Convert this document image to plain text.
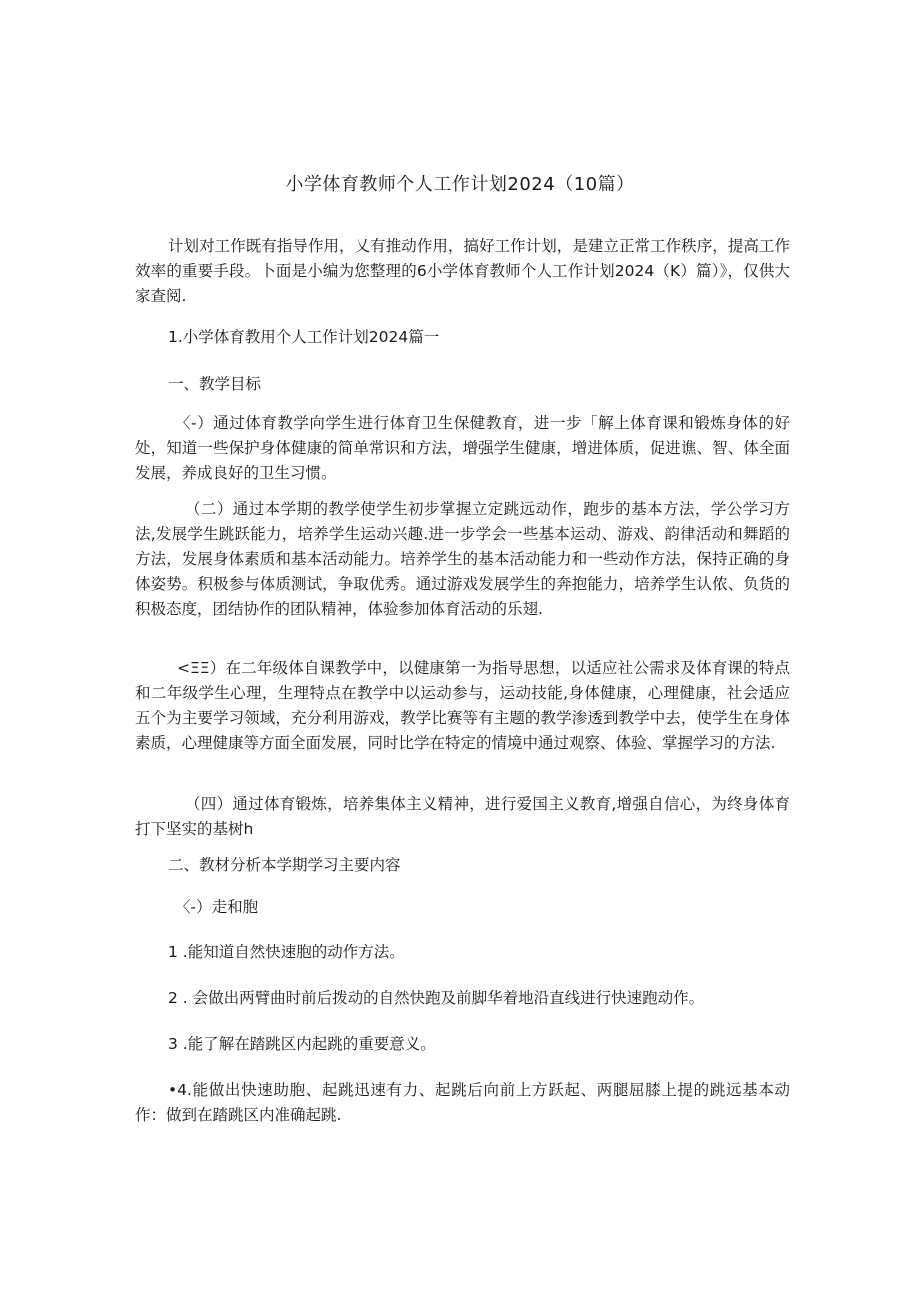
小学体育教师个人工作计划2024（10篇）
计划对工作既有指导作用，乂有推动作用，搞好工作计划，是建立正常工作秩序，提高工作效率的重要手段。卜面是小编为您整理的6小学体育教师个人工作计划2024（K）篇）》，仅供大家查阅.
1.小学体育教用个人工作计划2024篇一
一、教学目标
〈-）通过体育教学向学生进行体育卫生保健教育，进一步「解上体育课和锻炼身体的好处，知道一些保护身体健康的简单常识和方法，增强学生健康，增进体质，促进谯、智、体全面发展，养成良好的卫生习惯。
（二）通过本学期的教学使学生初步掌握立定跳远动作，跑步的基本方法，学公学习方法,发展学生跳跃能力，培养学生运动兴趣.进一步学会一些基本运动、游戏、韵律活动和舞蹈的方法，发展身体素质和基本活动能力。培养学生的基本活动能力和一些动作方法，保持正确的身体姿势。积极参与体质测试，争取优秀。通过游戏发展学生的奔抱能力，培养学生认侬、负货的积极态度，团结协作的团队精神，体验参加体育活动的乐翅.
<ΞΞ）在二年级体自课教学中，以健康第一为指导思想，以适应社公需求及体育课的特点和二年级学生心理，生理特点在教学中以运动参与，运动技能,身体健康，心理健康，社会适应五个为主要学习领域，充分利用游戏，教学比赛等有主题的教学渗透到教学中去，使学生在身体素质，心理健康等方面全面发展，同时比学在特定的情境中通过观察、体验、掌握学习的方法.
（四）通过体育锻炼，培养集体主义精神，进行爱国主义教育,增强自信心，为终身体育打下坚实的基树h
二、教材分析本学期学习主要内容
〈-）走和胞
1 .能知道自然快速胞的动作方法。
2 . 会做出两臂曲时前后拨动的自然快跑及前脚华着地沿直线进行快速跑动作。
3 .能了解在踏跳区内起跳的重要意义。
•4.能做出快速助胞、起跳迅速有力、起跳后向前上方跃起、两腿屈膝上提的跳远基本动作：做到在踏跳区内准确起跳.
